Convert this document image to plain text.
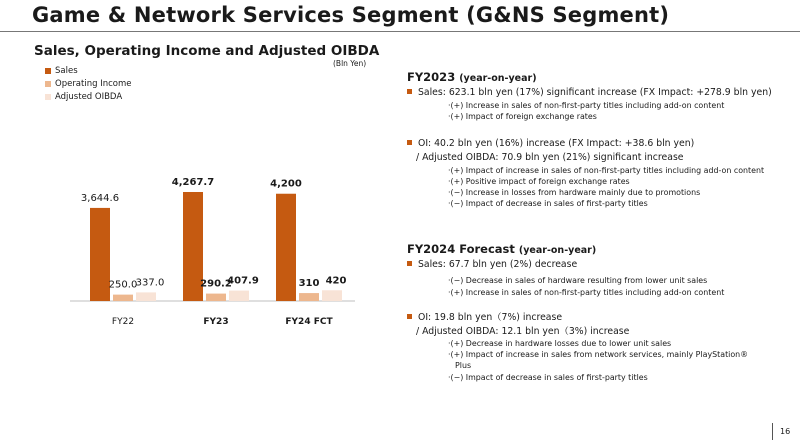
Game & Network Services Segment (G&NS Segment)
Sales, Operating Income and Adjusted OIBDA
(Bln Yen)
Sales
Operating Income
Adjusted OIBDA
3,644.6
250.0
337.0
FY22
4,267.7
290.2
407.9
FY23
4,200
310 420
FY24 FCT
FY2023 (year-on-year)
Sales: 623.1 bln yen (17%) significant increase (FX Impact: +278.9 bln yen)
·(+) Increase in sales of non-first-party titles including add-on content
·(+) Impact of foreign exchange rates
OI: 40.2 bln yen (16%) increase (FX Impact: +38.6 bln yen)
/ Adjusted OIBDA: 70.9 bln yen (21%) significant increase
·(+) Impact of increase in sales of non-first-party titles including add-on content
·(+) Positive impact of foreign exchange rates
·(−) Increase in losses from hardware mainly due to promotions
·(−) Impact of decrease in sales of first-party titles
FY2024 Forecast (year-on-year)
Sales: 67.7 bln yen (2%) decrease
·(−) Decrease in sales of hardware resulting from lower unit sales
·(+) Increase in sales of non-first-party titles including add-on content
OI: 19.8 bln yen（7%) increase
/ Adjusted OIBDA: 12.1 bln yen（3%) increase
·(+) Decrease in hardware losses due to lower unit sales
·(+) Impact of increase in sales from network services, mainly PlayStation®
Plus
·(−) Impact of decrease in sales of first-party titles
16
